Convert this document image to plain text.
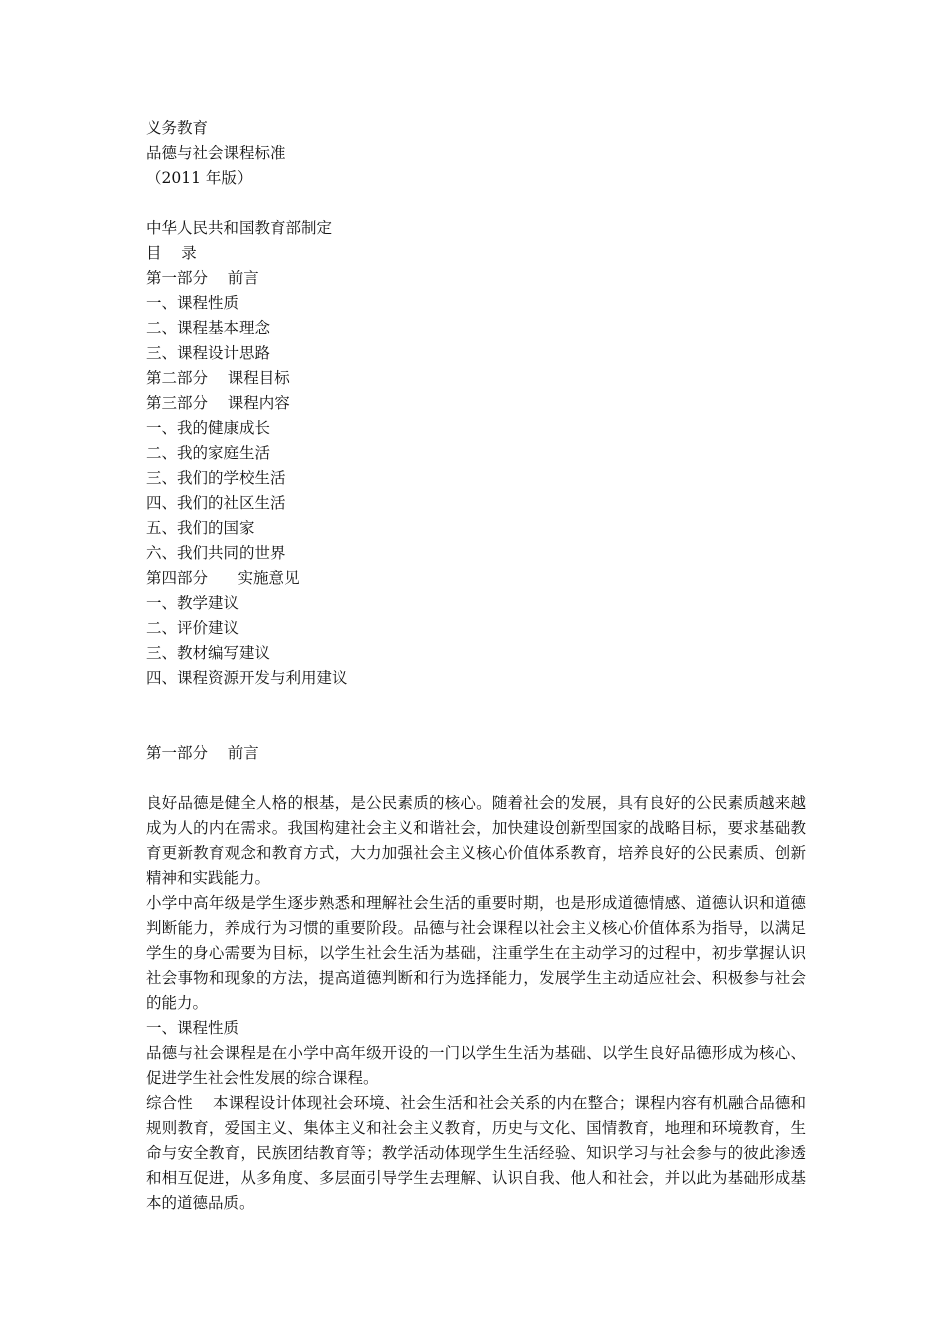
义务教育
品德与社会课程标准
（2011 年版）
中华人民共和国教育部制定
目    录
第一部分    前言
一、课程性质
二、课程基本理念
三、课程设计思路
第二部分    课程目标
第三部分    课程内容
一、我的健康成长
二、我的家庭生活
三、我们的学校生活
四、我们的社区生活
五、我们的国家
六、我们共同的世界
第四部分      实施意见
一、教学建议
二、评价建议
三、教材编写建议
四、课程资源开发与利用建议
第一部分    前言
良好品德是健全人格的根基，是公民素质的核心。随着社会的发展，具有良好的公民素质越来越成为人的内在需求。我国构建社会主义和谐社会，加快建设创新型国家的战略目标，要求基础教育更新教育观念和教育方式，大力加强社会主义核心价值体系教育，培养良好的公民素质、创新精神和实践能力。
小学中高年级是学生逐步熟悉和理解社会生活的重要时期，也是形成道德情感、道德认识和道德判断能力，养成行为习惯的重要阶段。品德与社会课程以社会主义核心价值体系为指导，以满足学生的身心需要为目标，以学生社会生活为基础，注重学生在主动学习的过程中，初步掌握认识社会事物和现象的方法，提高道德判断和行为选择能力，发展学生主动适应社会、积极参与社会的能力。
一、课程性质
品德与社会课程是在小学中高年级开设的一门以学生生活为基础、以学生良好品德形成为核心、促进学生社会性发展的综合课程。
综合性    本课程设计体现社会环境、社会生活和社会关系的内在整合；课程内容有机融合品德和规则教育，爱国主义、集体主义和社会主义教育，历史与文化、国情教育，地理和环境教育，生命与安全教育，民族团结教育等；教学活动体现学生生活经验、知识学习与社会参与的彼此渗透和相互促进，从多角度、多层面引导学生去理解、认识自我、他人和社会，并以此为基础形成基本的道德品质。
